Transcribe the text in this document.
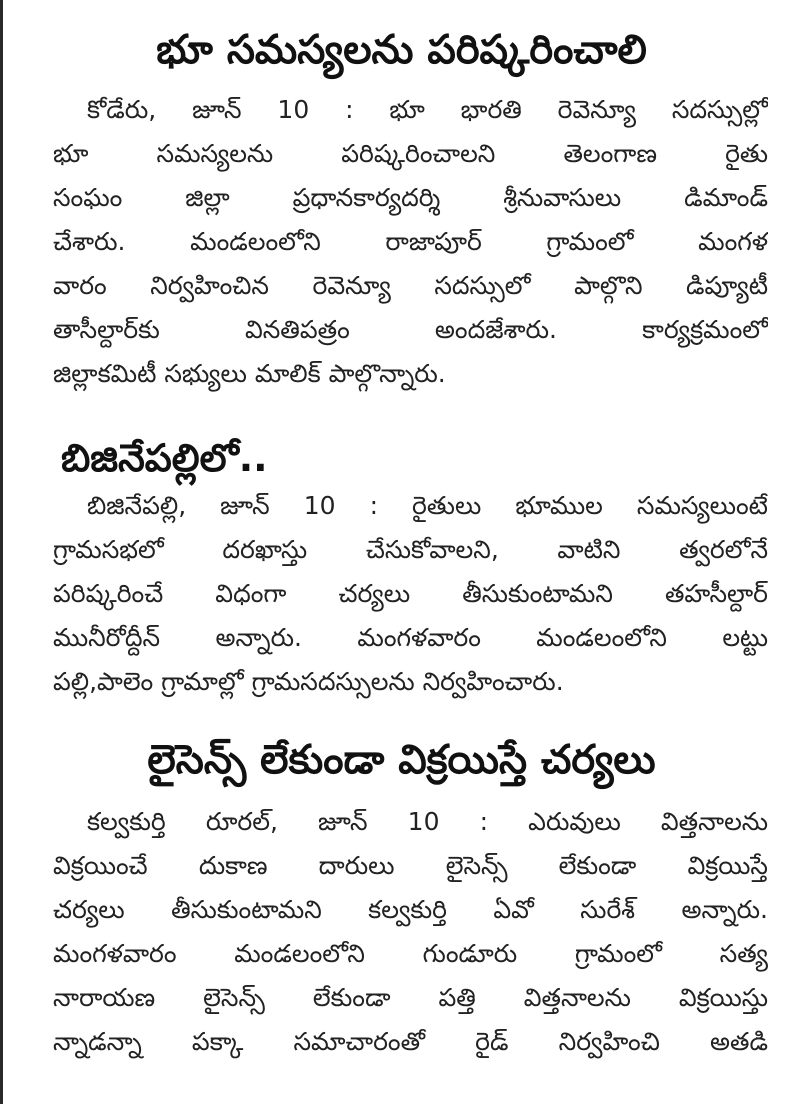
భూ సమస్యలను పరిష్కరించాలి
కోడేరు, జూన్ 10 : భూ భారతి రెవెన్యూ సదస్సుల్లో
భూ సమస్యలను పరిష్కరించాలని తెలంగాణ రైతు
సంఘం జిల్లా ప్రధానకార్యదర్శి శ్రీనువాసులు డిమాండ్
చేశారు. మండలంలోని రాజాపూర్ గ్రామంలో మంగళ
వారం నిర్వహించిన రెవెన్యూ సదస్సులో పాల్గొని డిప్యూటీ
తాసీల్దార్‌కు వినతిపత్రం అందజేశారు. కార్యక్రమంలో
జిల్లాకమిటీ సభ్యులు మాలిక్ పాల్గొన్నారు.
బిజినేపల్లిలో..
బిజినేపల్లి, జూన్ 10 : రైతులు భూముల సమస్యలుంటే
గ్రామసభలో దరఖాస్తు చేసుకోవాలని, వాటిని త్వరలోనే
పరిష్కరించే విధంగా చర్యలు తీసుకుంటామని తహసీల్దార్
మునీరోద్దీన్ అన్నారు. మంగళవారం మండలంలోని లట్టు
పల్లి,పాలెం గ్రామాల్లో గ్రామసదస్సులను నిర్వహించారు.
లైసెన్స్ లేకుండా విక్రయిస్తే చర్యలు
కల్వకుర్తి రూరల్, జూన్ 10 : ఎరువులు విత్తనాలను
విక్రయించే దుకాణ దారులు లైసెన్స్ లేకుండా విక్రయిస్తే
చర్యలు తీసుకుంటామని కల్వకుర్తి ఏవో సురేశ్ అన్నారు.
మంగళవారం మండలంలోని గుండూరు గ్రామంలో సత్య
నారాయణ లైసెన్స్ లేకుండా పత్తి విత్తనాలను విక్రయిస్తు
న్నాడన్నా పక్కా సమాచారంతో రైడ్ నిర్వహించి అతడి
